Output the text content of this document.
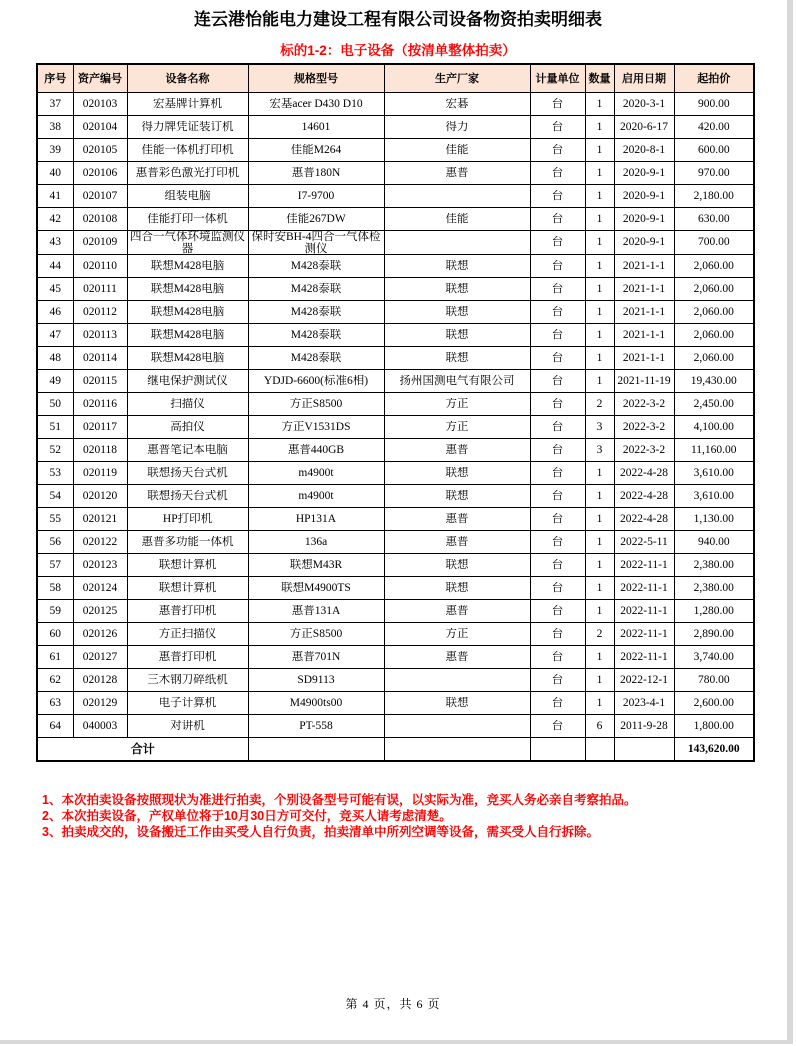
连云港怡能电力建设工程有限公司设备物资拍卖明细表
标的1-2：电子设备（按清单整体拍卖）
序号	资产编号	设备名称	规格型号	生产厂家	计量单位	数量	启用日期	起拍价

37	020103	宏基牌计算机	宏基acer D430 D10	宏碁	台	1	2020-3-1	900.00

38	020104	得力牌凭证装订机	14601	得力	台	1	2020-6-17	420.00

39	020105	佳能一体机打印机	佳能M264	佳能	台	1	2020-8-1	600.00

40	020106	惠普彩色激光打印机	惠普180N	惠普	台	1	2020-9-1	970.00

41	020107	组装电脑	I7-9700		台	1	2020-9-1	2,180.00

42	020108	佳能打印一体机	佳能267DW	佳能	台	1	2020-9-1	630.00

43	020109	四合一气体环境监测仪器	保时安BH-4四合一气体检测仪		台	1	2020-9-1	700.00

44	020110	联想M428电脑	M428泰联	联想	台	1	2021-1-1	2,060.00

45	020111	联想M428电脑	M428泰联	联想	台	1	2021-1-1	2,060.00

46	020112	联想M428电脑	M428泰联	联想	台	1	2021-1-1	2,060.00

47	020113	联想M428电脑	M428泰联	联想	台	1	2021-1-1	2,060.00

48	020114	联想M428电脑	M428泰联	联想	台	1	2021-1-1	2,060.00

49	020115	继电保护测试仪	YDJD-6600(标准6相)	扬州国测电气有限公司	台	1	2021-11-19	19,430.00

50	020116	扫描仪	方正S8500	方正	台	2	2022-3-2	2,450.00

51	020117	高拍仪	方正V1531DS	方正	台	3	2022-3-2	4,100.00

52	020118	惠普笔记本电脑	惠普440GB	惠普	台	3	2022-3-2	11,160.00

53	020119	联想扬天台式机	m4900t	联想	台	1	2022-4-28	3,610.00

54	020120	联想扬天台式机	m4900t	联想	台	1	2022-4-28	3,610.00

55	020121	HP打印机	HP131A	惠普	台	1	2022-4-28	1,130.00

56	020122	惠普多功能一体机	136a	惠普	台	1	2022-5-11	940.00

57	020123	联想计算机	联想M43R	联想	台	1	2022-11-1	2,380.00

58	020124	联想计算机	联想M4900TS	联想	台	1	2022-11-1	2,380.00

59	020125	惠普打印机	惠普131A	惠普	台	1	2022-11-1	1,280.00

60	020126	方正扫描仪	方正S8500	方正	台	2	2022-11-1	2,890.00

61	020127	惠普打印机	惠普701N	惠普	台	1	2022-11-1	3,740.00

62	020128	三木钢刀碎纸机	SD9113		台	1	2022-12-1	780.00

63	020129	电子计算机	M4900ts00	联想	台	1	2023-4-1	2,600.00

64	040003	对讲机	PT-558		台	6	2011-9-28	1,800.00

合计								143,620.00
1、本次拍卖设备按照现状为准进行拍卖，个别设备型号可能有误，以实际为准，竞买人务必亲自考察拍品。
2、本次拍卖设备，产权单位将于10月30日方可交付，竞买人请考虑清楚。
3、拍卖成交的，设备搬迁工作由买受人自行负责，拍卖清单中所列空调等设备，需买受人自行拆除。
第 4 页，共 6 页
